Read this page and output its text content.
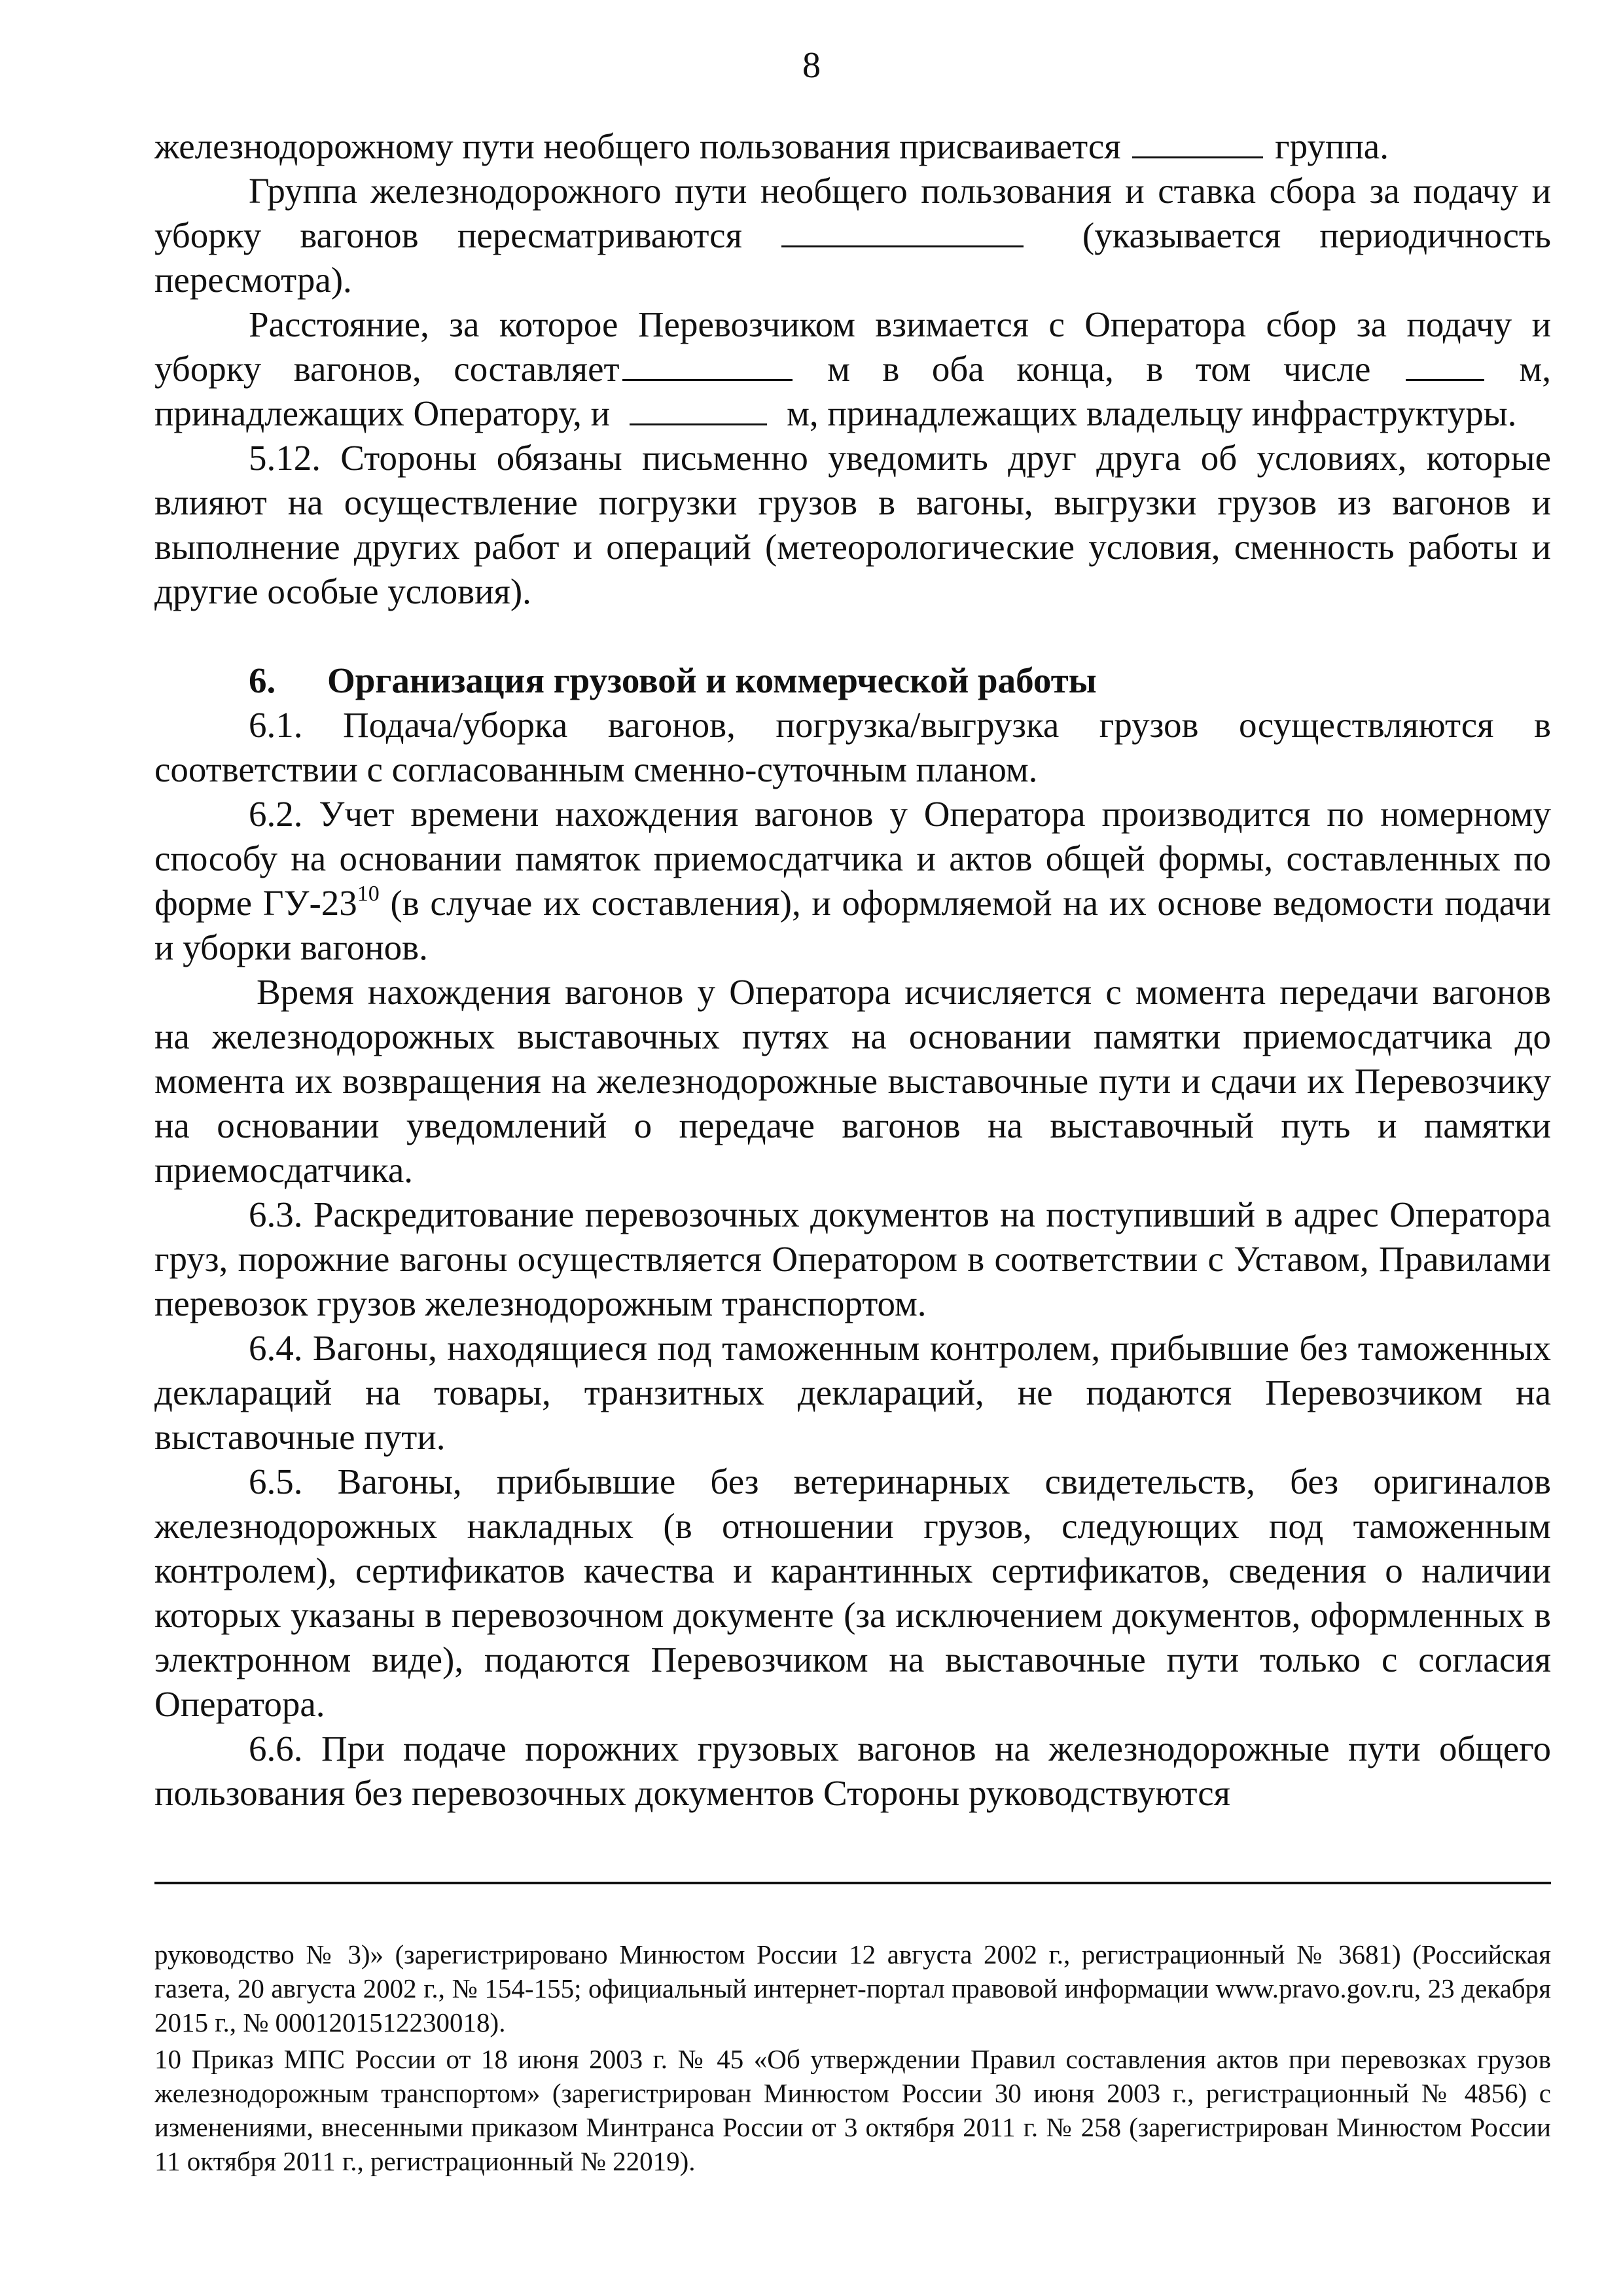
8

железнодорожному пути необщего пользования присваивается	группа.

Группа железнодорожного пути необщего пользования и ставка сбора за подачу и уборку вагонов пересматриваются	(указывается периодичность пересмотра).

Расстояние, за которое Перевозчиком взимается с Оператора сбор за подачу и уборку вагонов, составляет	м в оба конца, в том числе	м, принадлежащих Оператору, и	м, принадлежащих владельцу инфраструктуры.

5.12. Стороны обязаны письменно уведомить друг друга об условиях, которые влияют на осуществление погрузки грузов в вагоны, выгрузки грузов из вагонов и выполнение других работ и операций (метеорологические условия, сменность работы и другие особые условия).

6. Организация грузовой и коммерческой работы

6.1. Подача/уборка вагонов, погрузка/выгрузка грузов осуществляются в соответствии с согласованным сменно-суточным планом.

6.2. Учет времени нахождения вагонов у Оператора производится по номерному способу на основании памяток приемосдатчика и актов общей формы, составленных по форме $ГУ-23^{10}$ (в случае их составления), и оформляемой на их основе ведомости подачи и уборки вагонов.

Время нахождения вагонов у Оператора исчисляется с момента передачи вагонов на железнодорожных выставочных путях на основании памятки приемосдатчика до момента их возвращения на железнодорожные выставочные пути и сдачи их Перевозчику на основании уведомлений о передаче вагонов на выставочный путь и памятки приемосдатчика.

6.3. Раскредитование перевозочных документов на поступивший в адрес Оператора груз, порожние вагоны осуществляется Оператором в соответствии с Уставом, Правилами перевозок грузов железнодорожным транспортом.

6.4. Вагоны, находящиеся под таможенным контролем, прибывшие без таможенных деклараций на товары, транзитных деклараций, не подаются Перевозчиком на выставочные пути.

6.5. Вагоны, прибывшие без ветеринарных свидетельств, без оригиналов железнодорожных накладных (в отношении грузов, следующих под таможенным контролем), сертификатов качества и карантинных сертификатов, сведения о наличии которых указаны в перевозочном документе (за исключением документов, оформленных в электронном виде), подаются Перевозчиком на выставочные пути только с согласия Оператора.

6.6. При подаче порожних грузовых вагонов на железнодорожные пути общего пользования без перевозочных документов Стороны руководствуются

руководство № 3)» (зарегистрировано Минюстом России 12 августа 2002 г., регистрационный № 3681) (Российская газета, 20 августа 2002 г., № 154-155; официальный интернет-портал правовой информации www.pravo.gov.ru, 23 декабря 2015 г., № 0001201512230018).

10 Приказ МПС России от 18 июня 2003 г. № 45 «Об утверждении Правил составления актов при перевозках грузов железнодорожным транспортом» (зарегистрирован Минюстом России 30 июня 2003 г., регистрационный № 4856) с изменениями, внесенными приказом Минтранса России от 3 октября 2011 г. № 258 (зарегистрирован Минюстом России 11 октября 2011 г., регистрационный № 22019).
